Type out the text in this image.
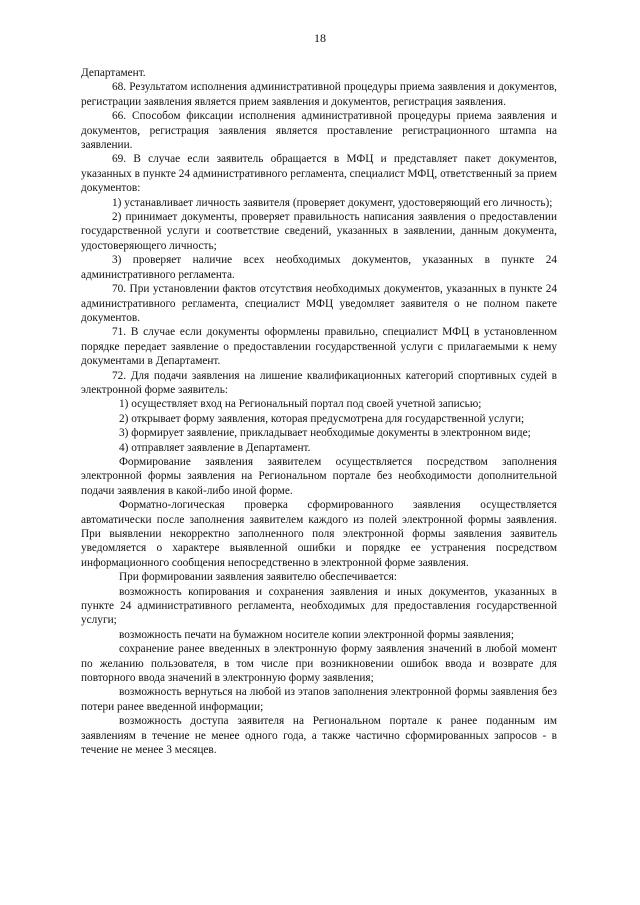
18

Департамент.

68. Результатом исполнения административной процедуры приема заявления и документов, регистрации заявления является прием заявления и документов, регистрация заявления.

66. Способом фиксации исполнения административной процедуры приема заявления и документов, регистрация заявления является проставление регистрационного штампа на заявлении.

69. В случае если заявитель обращается в МФЦ и представляет пакет документов, указанных в пункте 24 административного регламента, специалист МФЦ, ответственный за прием документов:

1) устанавливает личность заявителя (проверяет документ, удостоверяющий его личность);

2) принимает документы, проверяет правильность написания заявления о предоставлении государственной услуги и соответствие сведений, указанных в заявлении, данным документа, удостоверяющего личность;

3) проверяет наличие всех необходимых документов, указанных в пункте 24 административного регламента.

70. При установлении фактов отсутствия необходимых документов, указанных в пункте 24 административного регламента, специалист МФЦ уведомляет заявителя о не полном пакете документов.

71. В случае если документы оформлены правильно, специалист МФЦ в установленном порядке передает заявление о предоставлении государственной услуги с прилагаемыми к нему документами в Департамент.

72. Для подачи заявления на лишение квалификационных категорий спортивных судей в электронной форме заявитель:

1) осуществляет вход на Региональный портал под своей учетной записью;

2) открывает форму заявления, которая предусмотрена для государственной услуги;

3) формирует заявление, прикладывает необходимые документы в электронном виде;

4) отправляет заявление в Департамент.

Формирование заявления заявителем осуществляется посредством заполнения электронной формы заявления на Региональном портале без необходимости дополнительной подачи заявления в какой-либо иной форме.

Форматно-логическая проверка сформированного заявления осуществляется автоматически после заполнения заявителем каждого из полей электронной формы заявления. При выявлении некорректно заполненного поля электронной формы заявления заявитель уведомляется о характере выявленной ошибки и порядке ее устранения посредством информационного сообщения непосредственно в электронной форме заявления.

При формировании заявления заявителю обеспечивается:

возможность копирования и сохранения заявления и иных документов, указанных в пункте 24 административного регламента, необходимых для предоставления государственной услуги;

возможность печати на бумажном носителе копии электронной формы заявления;

сохранение ранее введенных в электронную форму заявления значений в любой момент по желанию пользователя, в том числе при возникновении ошибок ввода и возврате для повторного ввода значений в электронную форму заявления;

возможность вернуться на любой из этапов заполнения электронной формы заявления без потери ранее введенной информации;

возможность доступа заявителя на Региональном портале к ранее поданным им заявлениям в течение не менее одного года, а также частично сформированных запросов - в течение не менее 3 месяцев.
